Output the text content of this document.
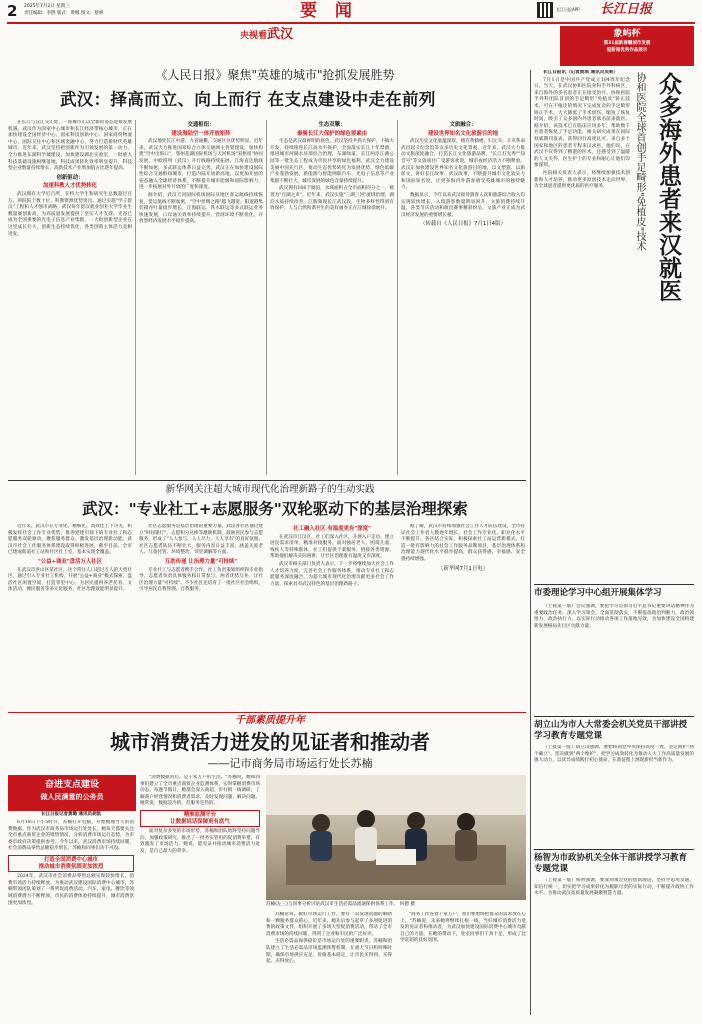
2 2025年7月2日 星期三
责任编辑：李煦 版式：黄娜 图文：蔡林	要 闻	长江日报APP 长江日报
央视看武汉	象屿杯
第31届新春瞩城市发展
短新闻优秀作品展示
《人民日报》聚焦"英雄的城市"抢抓发展胜势
武汉：择高而立、向上而行 在支点建设中走在前列

在长江与汉江交汇处，一座城市正以全新的姿态迎接发展机遇。武汉作为国家中心城市和长江经济带核心城市，正在加快建设全国经济中心、国家科技创新中心、国家商贸物流中心、国际交往中心和区域金融中心，努力打造新时代英雄城市。近年来，武汉坚持把创新作为引领发展的第一动力，全力推进东湖科学城建设，加快建设湖北实验室，一批重大科技基础设施相继落地，科技成果转化效率明显提升，科技型企业数量持续增长，高新技术产业增加值占比逐年提高。

创新驱动：
加速科教人才优势转化

武汉拥有大学近百所，在校大学生和研究生总数超过百万，两院院士数十位，科教资源优势突出。通过实施"学子留汉"工程和人才强市战略，武汉每年留汉就业创业大学毕业生数量屡创新高，为高质量发展提供了坚实人才支撑。光谷已成为全国重要的光电子信息产业集群，一大批创新型企业在这里成长壮大，创新生态持续优化，各类创新主体活力竞相迸发。

交通枢纽：
建设海陆空一体开放矩阵

武汉地处长江中游，九省通衢，交通区位优势明显。近年来，武汉大力推进国家综合立体交通网主骨架建设，加快构建"空中出海口"，鄂州花湖国际机场与天河机场"双枢纽"协同发展，中欧班列（武汉）开行线路持续拓展，江海直达航线不断加密，多式联运体系日益完善。武汉正在加快建设国际性综合交通枢纽城市，打造内陆开放新高地，以更加开放的姿态融入全球经济体系，不断提升城市能级和国际影响力，进一步拓展对外开放的广度和深度。

据介绍，武汉天河国际机场国际及地区客运航线持续恢复，货运航线不断加密，"空中丝绸之路"越飞越宽。阳逻港集装箱吞吐量稳步增长，江海联运、铁水联运等多式联运业务快速发展，口岸通关效率持续提升，营商环境不断优化，开放型经济发展水平稳步提高。

生态双擎：
秦骑长江大保护的绿色要素由

生态是武汉最鲜明的底色。武汉坚持共抓大保护、不搞大开发，持续推进长江高水平保护，全面落实长江十年禁渔，推进城市河湖水环境综合治理，东湖绿道、长江两岸江滩公园等一批生态工程成为市民共享的绿色福利。武汉全力建设美丽中国先行区，推动生态优势转化为发展优势，绿色低碳产业蓬勃发展，新能源与智能网联汽车、光电子信息等产业集群不断壮大，城市发展的绿色含量持续提升。

武汉拥有166个湖泊，水域面积占全市面积四分之一，被誉为"百湖之市"。近年来，武汉实施"三湖三河"流域治理，湖泊水质持续改善，江豚频现长江武汉段，生物多样性得到有效保护，人与自然和谐共生的美好画卷正在江城徐徐展开。

文旅融合：
建设世界知名文化旅游目的地

武汉历史文化底蕴深厚，拥有黄鹤楼、归元寺、辛亥革命武昌起义纪念馆等众多历史文化景观。近年来，武汉大力推动文旅深度融合，打造长江文化旅游品牌，"长江灯光秀""知音号"等文旅项目广受游客欢迎，城市夜经济活力不断释放。武汉正加快建设世界知名文化旅游目的地，以文塑旅、以旅彰文，讲好长江故事、武汉故事，不断提升城市文化软实力和国际知名度，让更多海内外游客感受英雄城市的独特魅力。

数据显示，今年以来武汉接待游客人次和旅游综合收入均实现较快增长，入境游客数量明显回升，文旅消费持续升温，各类节庆活动和演出赛事精彩纷呈，文旅产业正成为武汉经济发展的重要增长极。

（转载自《人民日报》7月1日4版）	众多海外患者来汉就医
协和医院全球首创手足畸形"免植皮"技术

长江日报讯（记者黄琪 通讯员吴莉）

7月1日是中国共产党成立104周年纪念日。当天，在武汉协和医院骨科手外科病区，来自海外的多名患者正在接受治疗。协和医院手外科团队首创的手足畸形"免植皮"矫正技术，可在不植皮的情况下完成复杂的手足畸形矫正手术，大大降低了手术创伤，缩短了恢复时间，吸引了众多国内外患者慕名前来就医。据介绍，该技术已在临床应用多年，帮助数千名患者恢复了手足功能，相关研究成果在国际权威期刊发表，获得同行高度认可。来自多个国家和地区的患者专程来汉求医，他们说，在武汉不仅得到了精湛的医术，还感受到了温暖的人文关怀，医生护士的专业和耐心让他们印象深刻。

医院相关负责人表示，将继续加强技术创新和人才培养，推动更多原创技术走向世界，为全球患者提供更优质的医疗服务。

市委理论学习中心组开展集体学习

（上接第一版）会议强调，要把学习贯彻习近平总书记重要讲话精神作为重要政治任务，深入学习领会，全面贯彻落实，不断提高政治判断力、政治领悟力、政治执行力，以实际行动推动各项工作落地见效，为加快建设全国构建新发展格局先行区贡献力量。

胡立山为市人大常委会机关党员干部讲授学习教育专题党课

（上接第一版）胡立山强调，要始终同党中央保持高度一致，坚定拥护"两个确立"、坚决做到"两个维护"，把学习成效转化为推动人大工作高质量发展的强大动力，以优异成绩践行初心使命，在新征程上展现新担当新作为。

杨智为市政协机关全体干部讲授学习教育专题党课

（上接第一版）杨智强调，要深刻领会党的创新理论，坚持学思用贯通、知信行统一，切实把学习成果转化为履职尽责的实际行动，不断提升政协工作水平，为推动武汉高质量发展凝聚智慧力量。

新华网关注超大城市现代化治理新路子的生动实践
武汉："专业社工+志愿服务"双轮驱动下的基层治理探索

近年来，武汉市在专业化、精细化、高效化上下功夫，积极发挥社会工作专业优势，推进党建引领下的专业社工和志愿服务双轮驱动，聚焦服务群众、激发基层治理新动能。武汉市社会工作服务体系建设取得积极进展，截至目前，全市已建成街道社工站和社区社工室，基本实现全覆盖。

"公益+商业"盘活万人社区

在武汉市洪山区某社区，这个常住人口超过万人的大型社区，通过引入专业社工机构，开展"公益+商业"模式探索，盘活社区闲置空间，打造邻里中心，为居民提供养老托育、文体活动、便民服务等多元化服务，社区治理效能明显提升。

社区志愿服务是基层治理的重要力量。武汉各社区通过建立"时间银行"、志愿积分兑换等激励机制，鼓励居民参与志愿服务，形成了"人人参与、人人尽力、人人享有"的良好氛围。社区志愿者队伍不断壮大，服务内容日益丰富，涵盖关爱老人、儿童托管、环境整治、邻里调解等方面。

互助传递 让治理力量"可持续"

专业社工与志愿者携手合作，社工负责策划组织和专业指导，志愿者负责具体服务和日常参与，两者优势互补，让社区治理力量"可持续"。不少社区还培育了一批社区社会组织，引导居民自我管理、自我服务。

社工融入社区 有温度更有"深度"

在武汉市江汉区，社工们深入社区，开展入户走访，建立居民需求清单，精准对接服务。面对独居老人、困境儿童、残疾人等特殊群体，社工们提供个案服务，链接各类资源，帮助他们解决实际困难，让社区治理既有温度又有深度。

武汉市相关部门负责人表示，下一步将继续加大社会工作人才培养力度，完善社会工作服务体系，推动专业社工和志愿服务深度融合，为超大城市现代化治理贡献更多社会工作力量，探索具有武汉特色的基层治理新路子。

据了解，武汉市持续加强社会工作人才队伍建设，全市持证社会工作者人数逐年增长，社会工作专业化、职业化水平不断提升。各区结合实际，积极探索社工站运营新模式，打造一批有影响力的社会工作服务品牌项目，基层治理体系和治理能力现代化水平稳步提高，群众获得感、幸福感、安全感持续增强。

（新华网7月1日电）
千部素质提升年
城市消费活力迸发的见证者和推动者
——记市商务局市场运行处长苏楠
奋进支点建设
做人民满意的公务员
长江日报记者黄璐 通讯员胡凯

6月18日下午5时许，苏楠打开电脑，开始梳理当天的消费数据。作为武汉市商务局市场运行处处长，她每天都要关注全市重点商贸企业的销售情况，分析消费市场运行态势，为市委市政府决策提供参考。今年以来，武汉消费市场持续回暖，社会消费品零售总额稳步增长，苏楠和同事们功不可没。

打造全国消费中心城市
推动城市消费氛围更加浓烈

2024年，武汉市社会消费品零售总额实现较快增长，消费市场活力持续释放。为推动武汉建设国际消费中心城市，苏楠带领团队策划了一系列促消费活动，汽车、家电、餐饮等领域消费潜力不断释放，市民的消费体验持续提升，城市消费氛围更加浓烈。

"消费数据背后，是千家万户的生活。"苏楠说，她和同事们建立了全市重点商贸企业监测体系，实时掌握消费市场动态。每逢节假日，她都会深入商超、步行街一线调研，了解商户经营情况和消费者需求，及时发现问题、解决问题。她常说，数据是冷的，但服务是热的。

精准监测平台
让数据说话保障更有底气

面对复杂多变的市场形势，苏楠和团队始终坚持问题导向，加强政策研究，推出了一批务实管用的促消费举措，有效激发了市场活力。她说，能见证并推动城市消费活力迸发，是自己最大的荣幸。

苏楠(左三)与同事分析讨论武汉市生活必需品流通保供体系工作。 何德 摄

苏楠常说，做好市场运行工作，要有一双发现问题的眼睛和一颗服务群众的心。近年来，她先后参与起草了多项促进消费的政策文件，组织开展了多场大型促消费活动，带动了全市消费市场的持续回暖，得到了企业和市民的广泛好评。

生活必需品保供稳价是市场运行处的重要职责。苏楠和团队建立了生活必需品市场监测预警机制，在重大节日和特殊时期，确保市场供应充足、价格基本稳定，让市民买得到、买得起、买得放心。

"商务工作连着千家万户，我们要始终把群众的需求放在心上。"苏楠说，未来她将继续扎根一线，当好城市消费活力迸发的见证者和推动者，为武汉加快建设国际消费中心城市贡献自己的力量。在她的带动下，处室同事们干劲十足，形成了比学赶超的良好氛围。
